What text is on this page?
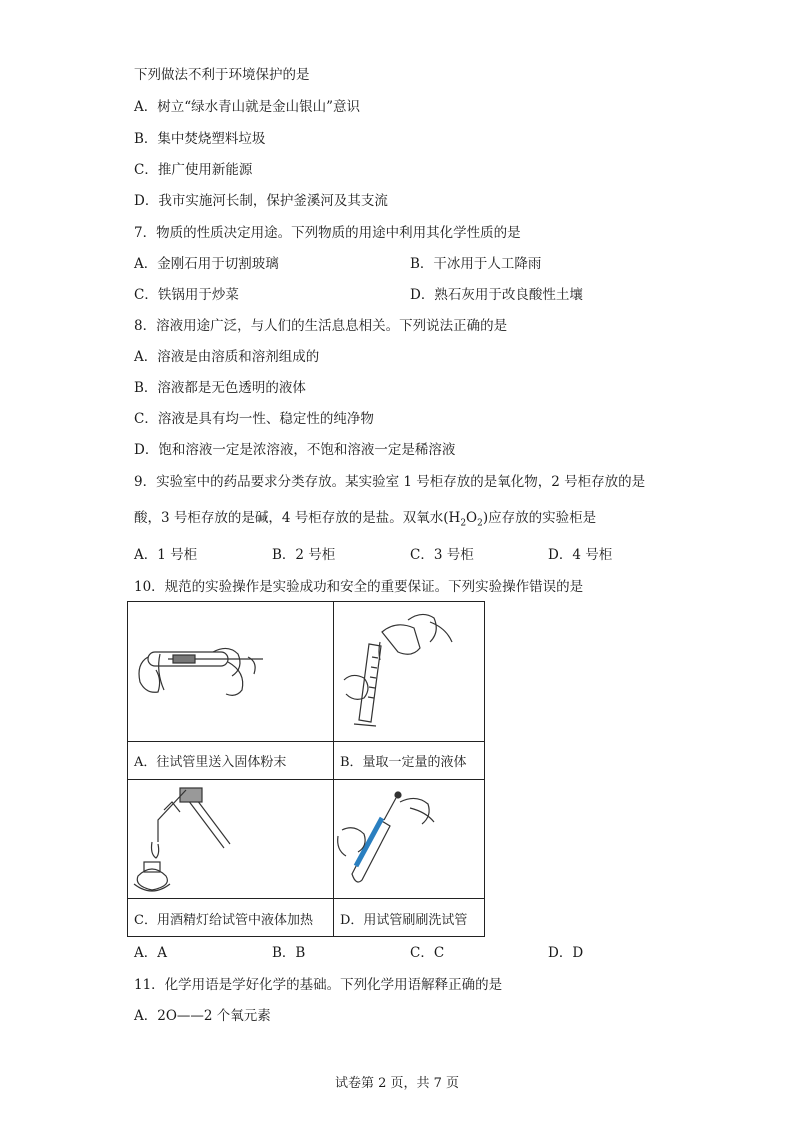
下列做法不利于环境保护的是
A．树立“绿水青山就是金山银山”意识
B．集中焚烧塑料垃圾
C．推广使用新能源
D．我市实施河长制，保护釜溪河及其支流
7．物质的性质决定用途。下列物质的用途中利用其化学性质的是
A．金刚石用于切割玻璃	B．干冰用于人工降雨
C．铁锅用于炒菜	D．熟石灰用于改良酸性土壤
8．溶液用途广泛，与人们的生活息息相关。下列说法正确的是
A．溶液是由溶质和溶剂组成的
B．溶液都是无色透明的液体
C．溶液是具有均一性、稳定性的纯净物
D．饱和溶液一定是浓溶液，不饱和溶液一定是稀溶液
9．实验室中的药品要求分类存放。某实验室 1 号柜存放的是氧化物，2 号柜存放的是
酸，3 号柜存放的是碱，4 号柜存放的是盐。双氧水$(H_2O_2)$应存放的实验柜是
A．1 号柜	B．2 号柜	C．3 号柜	D．4 号柜
10．规范的实验操作是实验成功和安全的重要保证。下列实验操作错误的是
A．往试管里送入固体粉末	B．量取一定量的液体
C．用酒精灯给试管中液体加热 D．用试管刷刷洗试管
A．A	B．B	C．C	D．D
11．化学用语是学好化学的基础。下列化学用语解释正确的是
A．2O——2 个氧元素
试卷第 2 页，共 7 页
